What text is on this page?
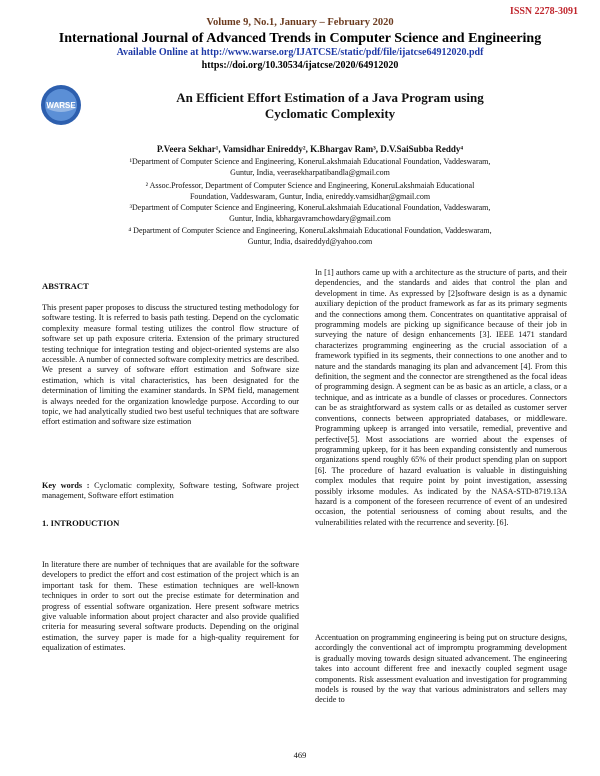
ISSN 2278-3091
Volume 9, No.1, January – February 2020
International Journal of Advanced Trends in Computer Science and Engineering
Available Online at http://www.warse.org/IJATCSE/static/pdf/file/ijatcse64912020.pdf
https://doi.org/10.30534/ijatcse/2020/64912020
WARSE
An Efficient Effort Estimation of a Java Program using
Cyclomatic Complexity
P.Veera Sekhar¹, Vamsidhar Enireddy², K.Bhargav Ram³, D.V.SaiSubba Reddy⁴
¹Department of Computer Science and Engineering, KoneruLakshmaiah Educational Foundation, Vaddeswaram,
Guntur, India, veerasekharpatibandla@gmail.com
² Assoc.Professor, Department of Computer Science and Engineering, KoneruLakshmaiah Educational
Foundation, Vaddeswaram, Guntur, India, enireddy.vamsidhar@gmail.com
³Department of Computer Science and Engineering, KoneruLakshmaiah Educational Foundation, Vaddeswaram,
Guntur, India, kbhargavramchowdary@gmail.com
⁴ Department of Computer Science and Engineering, KoneruLakshmaiah Educational Foundation, Vaddeswaram,
Guntur, India, dsaireddyd@yahoo.com
ABSTRACT
This present paper proposes to discuss the structured testing methodology for software testing. It is referred to basis path testing. Depend on the cyclomatic complexity measure formal testing utilizes the control flow structure of software set up path exposure criteria. Extension of the primary structured testing technique for integration testing and object-oriented systems are also accessible. A number of connected software complexity metrics are described. We present a survey of software effort estimation and Software size estimation, which is vital characteristics, has been designated for the determination of limiting the examiner standards. In SPM field, management is always needed for the organization knowledge purpose. According to our topic, we had analytically studied two best useful techniques that are software effort estimation and software size estimation
Key words : Cyclomatic complexity, Software testing, Software project management, Software effort estimation
1. INTRODUCTION
In literature there are number of techniques that are available for the software developers to predict the effort and cost estimation of the project which is an important task for them. These estimation techniques are well-known techniques in order to sort out the precise estimate for determination and progress of essential software organization. Here present software metrics give valuable information about project character and also provide qualified criteria for measuring several software products. Depending on the original estimation, the survey paper is made for a high-quality requirement for equalization of estimates.
In [1] authors came up with a architecture as the structure of parts, and their dependencies, and the standards and aides that control the plan and development in time. As expressed by [2]software design is as a dynamic auxiliary depiction of the product framework as far as its primary segments and the connections among them. Concentrates on quantitative appraisal of programming models are picking up significance because of their job in surveying the nature of design enhancements [3]. IEEE 1471 standard characterizes programming engineering as the crucial association of a framework typified in its segments, their connections to one another and to nature and the standards managing its plan and advancement [4]. From this definition, the segment and the connector are strengthened as the focal ideas of programming design. A segment can be as basic as an article, a class, or a technique, and as intricate as a bundle of classes or procedures. Connectors can be as straightforward as system calls or as detailed as customer server conventions, connects between appropriated databases, or middleware. Programming upkeep is arranged into versatile, remedial, preventive and perfective[5]. Most associations are worried about the expenses of programming upkeep, for it has been expanding consistently and numerous organizations spend roughly 65% of their product spending plan on support [6]. The procedure of hazard evaluation is valuable in distinguishing complex modules that require point by point investigation, assessing possibly irksome modules. As indicated by the NASA-STD-8719.13A hazard is a component of the foreseen recurrence of event of an undesired occasion, the potential seriousness of coming about results, and the vulnerabilities related with the recurrence and severity. [6].
Accentuation on programming engineering is being put on structure designs, accordingly the conventional act of impromptu programming development is gradually moving towards design situated advancement. The engineering takes into account different free and inexactly coupled segment usage components. Risk assessment evaluation and investigation for programming models is roused by the way that various administrators and sellers may decide to
469
